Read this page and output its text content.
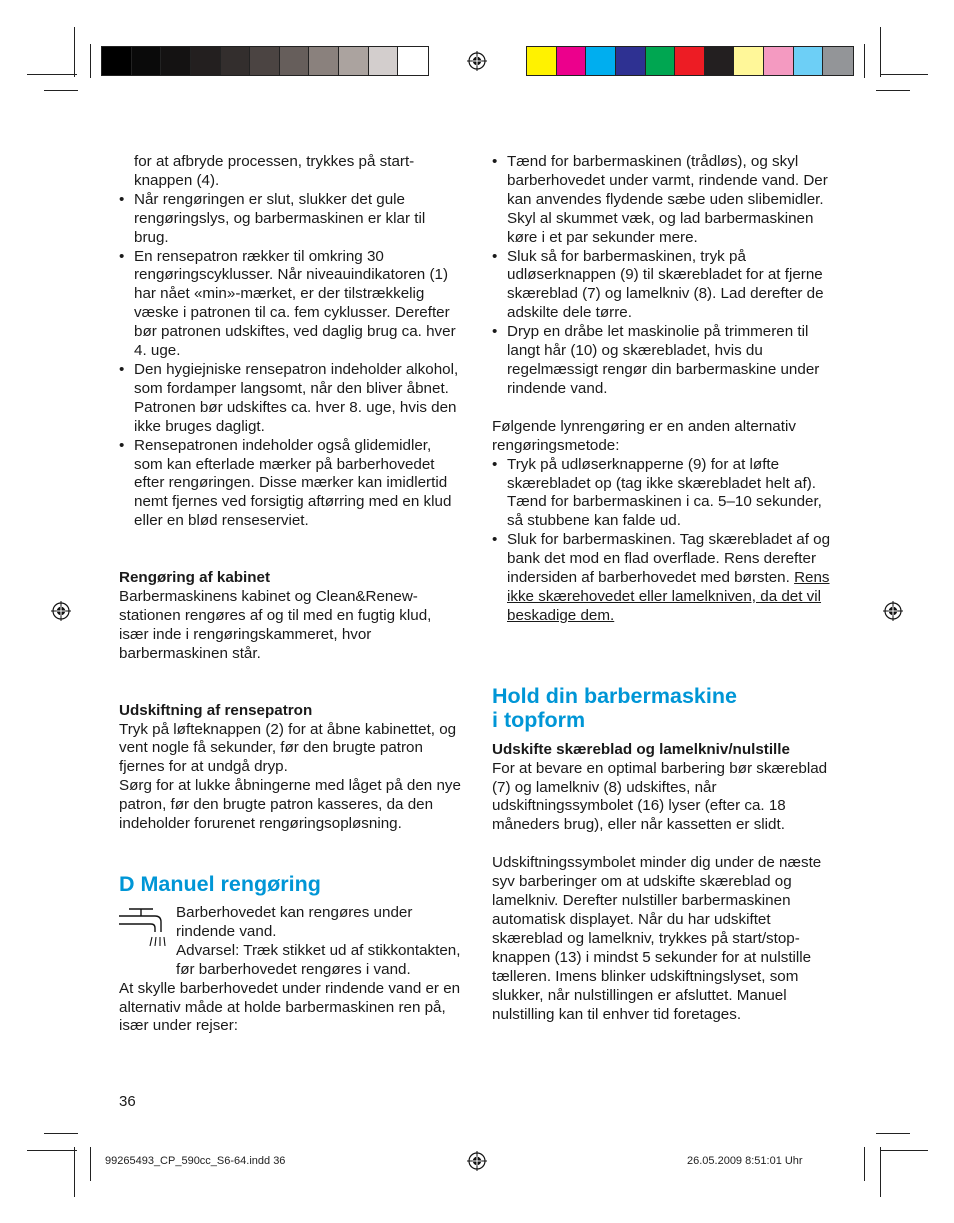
for at afbryde processen, trykkes på start-knappen (4).

• Når rengøringen er slut, slukker det gule rengøringslys, og barbermaskinen er klar til brug.

• En rensepatron rækker til omkring 30 rengøringscyklusser. Når niveauindikatoren (1) har nået «min»-mærket, er der tilstrækkelig væske i patronen til ca. fem cyklusser. Derefter bør patronen udskiftes, ved daglig brug ca. hver 4. uge.

• Den hygiejniske rensepatron indeholder alkohol, som fordamper langsomt, når den bliver åbnet. Patronen bør udskiftes ca. hver 8. uge, hvis den ikke bruges dagligt.

• Rensepatronen indeholder også glidemidler, som kan efterlade mærker på barberhovedet efter rengøringen. Disse mærker kan imidlertid nemt fjernes ved forsigtig aftørring med en klud eller en blød renseserviet.

Rengøring af kabinet

Barbermaskinens kabinet og Clean&Renew-stationen rengøres af og til med en fugtig klud, især inde i rengøringskammeret, hvor barbermaskinen står.

Udskiftning af rensepatron

Tryk på løfteknappen (2) for at åbne kabinettet, og vent nogle få sekunder, før den brugte patron fjernes for at undgå dryp.

Sørg for at lukke åbningerne med låget på den nye patron, før den brugte patron kasseres, da den indeholder forurenet rengøringsopløsning.

D Manuel rengøring

Barberhovedet kan rengøres under rindende vand.

Advarsel: Træk stikket ud af stikkontakten, før barberhovedet rengøres i vand.

At skylle barberhovedet under rindende vand er en alternativ måde at holde barbermaskinen ren på, især under rejser:

36

• Tænd for barbermaskinen (trådløs), og skyl barberhovedet under varmt, rindende vand. Der kan anvendes flydende sæbe uden slibemidler. Skyl al skummet væk, og lad barbermaskinen køre i et par sekunder mere.

• Sluk så for barbermaskinen, tryk på udløserknappen (9) til skærebladet for at fjerne skæreblad (7) og lamelkniv (8). Lad derefter de adskilte dele tørre.

• Dryp en dråbe let maskinolie på trimmeren til langt hår (10) og skærebladet, hvis du regelmæssigt rengør din barbermaskine under rindende vand.

Følgende lynrengøring er en anden alternativ rengøringsmetode:

• Tryk på udløserknapperne (9) for at løfte skærebladet op (tag ikke skærebladet helt af). Tænd for barbermaskinen i ca. 5–10 sekunder, så stubbene kan falde ud.

• Sluk for barbermaskinen. Tag skærebladet af og bank det mod en flad overflade. Rens derefter indersiden af barberhovedet med børsten. Rens ikke skærehovedet eller lamelkniven, da det vil beskadige dem.

Hold din barbermaskine

i topform

Udskifte skæreblad og lamelkniv/nulstille

For at bevare en optimal barbering bør skæreblad (7) og lamelkniv (8) udskiftes, når udskiftningssymbolet (16) lyser (efter ca. 18 måneders brug), eller når kassetten er slidt.

Udskiftningssymbolet minder dig under de næste syv barberinger om at udskifte skæreblad og lamelkniv. Derefter nulstiller barbermaskinen automatisk displayet. Når du har udskiftet skæreblad og lamelkniv, trykkes på start/stop-knappen (13) i mindst 5 sekunder for at nulstille tælleren. Imens blinker udskiftningslyset, som slukker, når nulstillingen er afsluttet. Manuel nulstilling kan til enhver tid foretages.

99265493_CP_590cc_S6-64.indd 36	26.05.2009 8:51:01 Uhr
